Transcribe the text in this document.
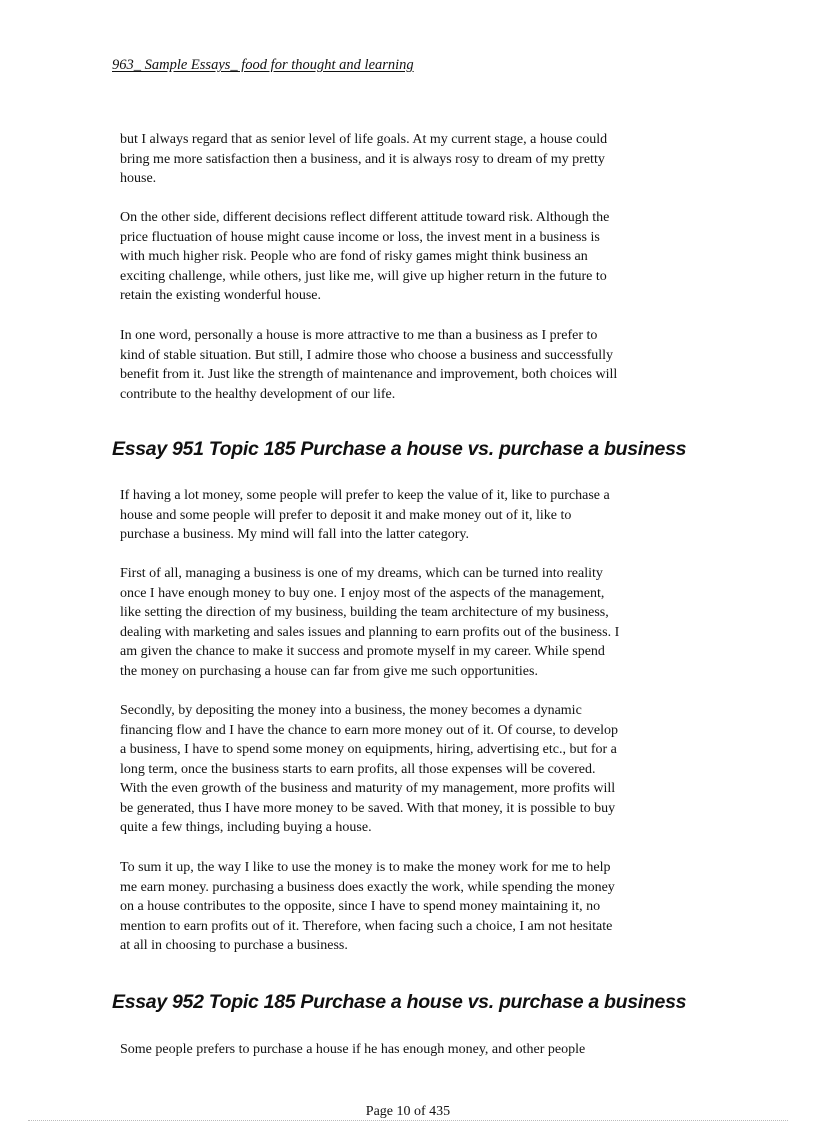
963_ Sample Essays_ food for thought and learning

but I always regard that as senior level of life goals. At my current stage, a house could
bring me more satisfaction then a business, and it is always rosy to dream of my pretty
house.

On the other side, different decisions reflect different attitude toward risk. Although the
price fluctuation of house might cause income or loss, the invest ment in a business is
with much higher risk. People who are fond of risky games might think business an
exciting challenge, while others, just like me, will give up higher return in the future to
retain the existing wonderful house.

In one word, personally a house is more attractive to me than a business as I prefer to
kind of stable situation. But still, I admire those who choose a business and successfully
benefit from it. Just like the strength of maintenance and improvement, both choices will
contribute to the healthy development of our life.

Essay 951 Topic 185 Purchase a house vs. purchase a business

If having a lot money, some people will prefer to keep the value of it, like to purchase a
house and some people will prefer to deposit it and make money out of it, like to
purchase a business. My mind will fall into the latter category.

First of all, managing a business is one of my dreams, which can be turned into reality
once I have enough money to buy one. I enjoy most of the aspects of the management,
like setting the direction of my business, building the team architecture of my business,
dealing with marketing and sales issues and planning to earn profits out of the business. I
am given the chance to make it success and promote myself in my career. While spend
the money on purchasing a house can far from give me such opportunities.

Secondly, by depositing the money into a business, the money becomes a dynamic
financing flow and I have the chance to earn more money out of it. Of course, to develop
a business, I have to spend some money on equipments, hiring, advertising etc., but for a
long term, once the business starts to earn profits, all those expenses will be covered.
With the even growth of the business and maturity of my management, more profits will
be generated, thus I have more money to be saved. With that money, it is possible to buy
quite a few things, including buying a house.

To sum it up, the way I like to use the money is to make the money work for me to help
me earn money. purchasing a business does exactly the work, while spending the money
on a house contributes to the opposite, since I have to spend money maintaining it, no
mention to earn profits out of it. Therefore, when facing such a choice, I am not hesitate
at all in choosing to purchase a business.

Essay 952 Topic 185 Purchase a house vs. purchase a business

Some people prefers to purchase a house if he has enough money, and other people

Page 10 of 435
